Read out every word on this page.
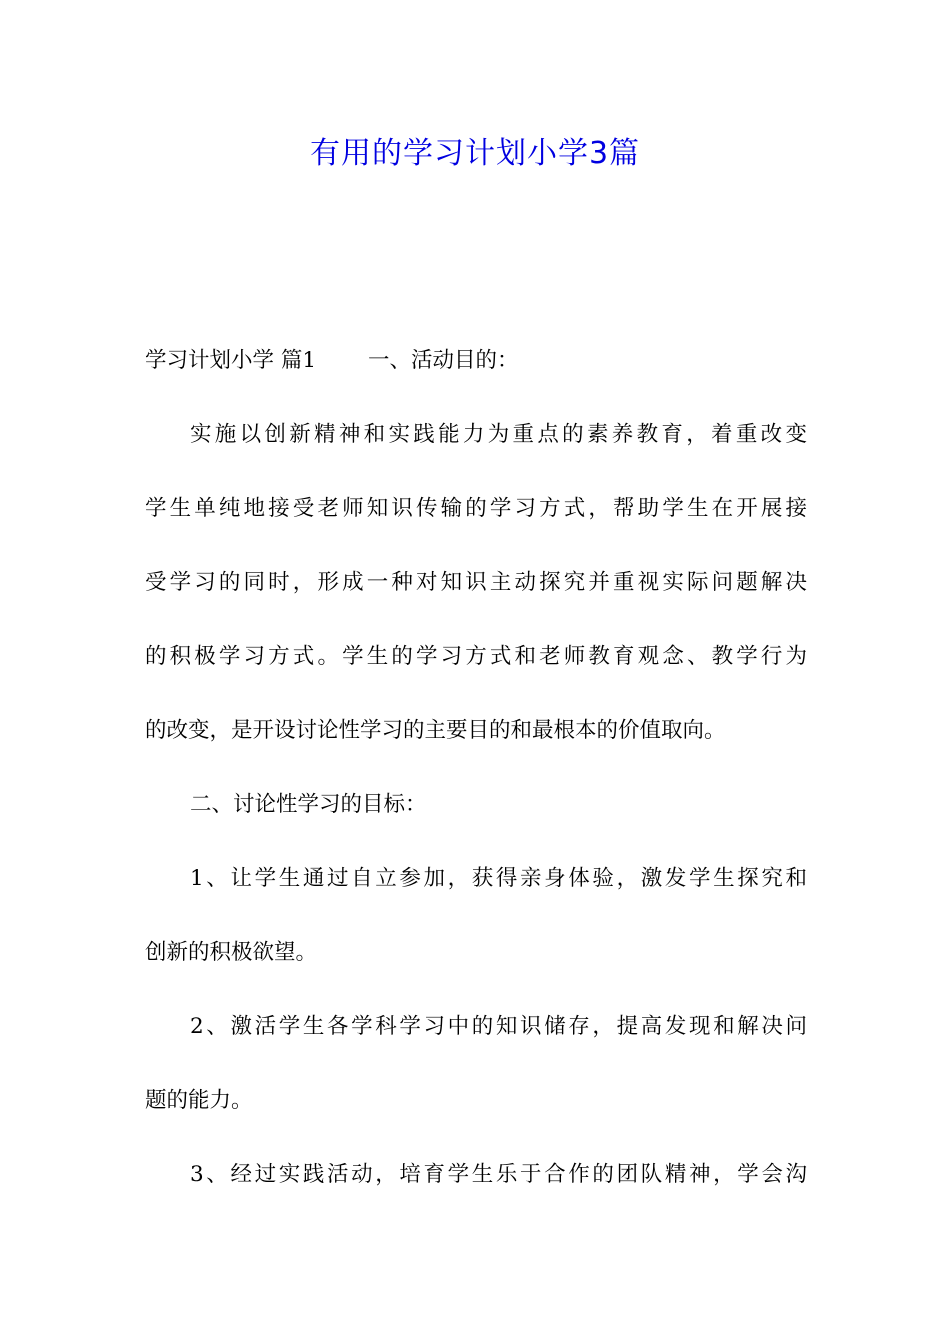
有用的学习计划小学3篇
学习计划小学 篇1 一、活动目的：
实施以创新精神和实践能力为重点的素养教育，着重改变
学生单纯地接受老师知识传输的学习方式，帮助学生在开展接
受学习的同时，形成一种对知识主动探究并重视实际问题解决
的积极学习方式。学生的学习方式和老师教育观念、教学行为
的改变，是开设讨论性学习的主要目的和最根本的价值取向。
二、讨论性学习的目标：
1、让学生通过自立参加，获得亲身体验，激发学生探究和
创新的积极欲望。
2、激活学生各学科学习中的知识储存，提高发现和解决问
题的能力。
3、经过实践活动，培育学生乐于合作的团队精神，学会沟
